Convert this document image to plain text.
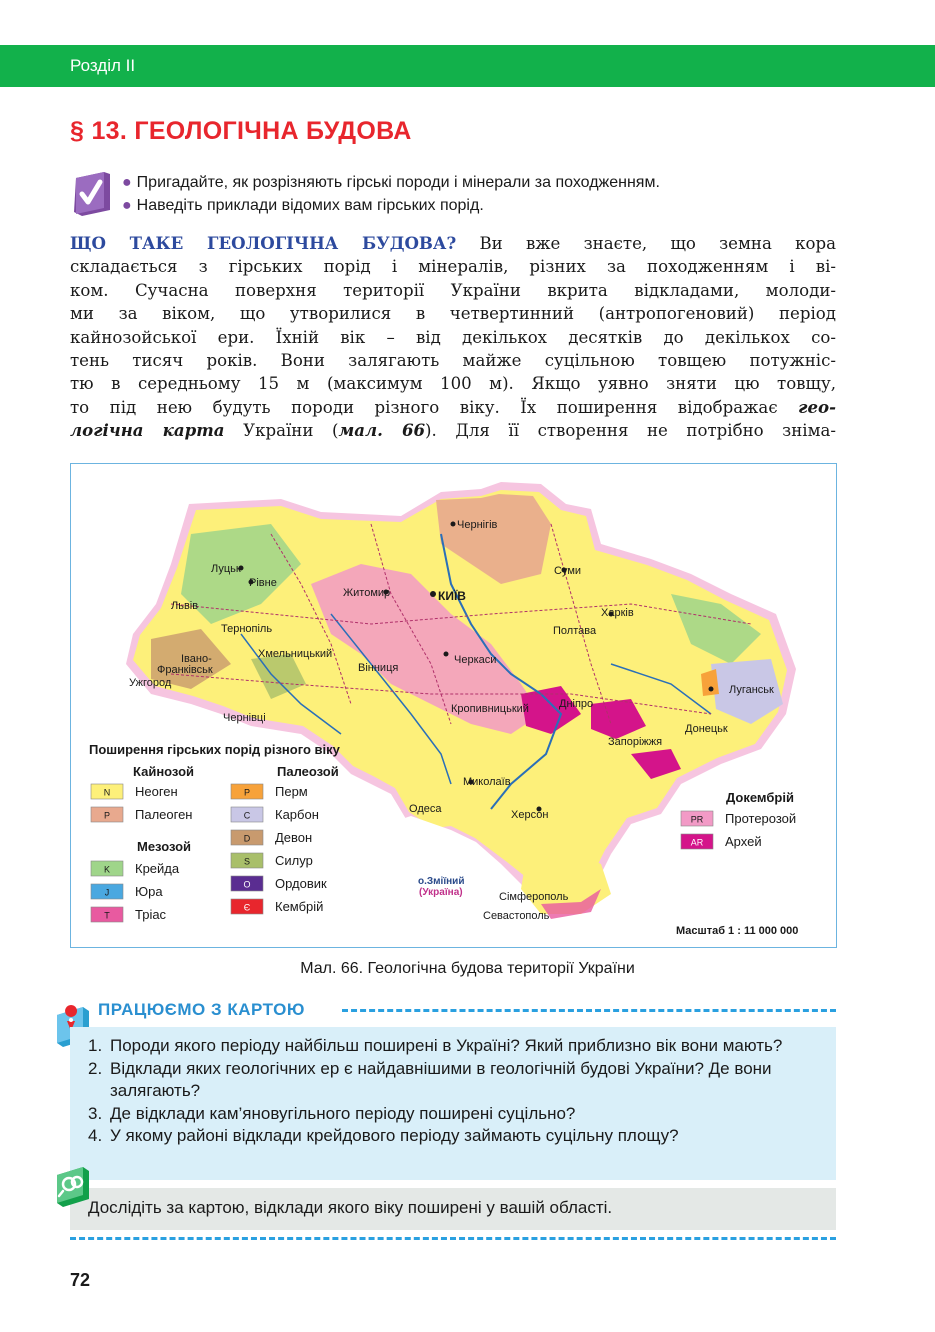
Розділ II
§ 13. ГЕОЛОГІЧНА БУДОВА
● Пригадайте, як розрізняють гірські породи і мінерали за походженням.
● Наведіть приклади відомих вам гірських порід.
ЩО ТАКЕ ГЕОЛОГІЧНА БУДОВА? Ви вже знаєте, що земна кора
складається з гірських порід і мінералів, різних за походженням і ві-
ком. Сучасна поверхня території України вкрита відкладами, молоди-
ми за віком, що утворилися в четвертинний (антропогеновий) період
кайнозойської ери. Їхній вік – від декількох десятків до декількох со-
тень тисяч років. Вони залягають майже суцільною товщею потужніс-
тю в середньому 15 м (максимум 100 м). Якщо уявно зняти цю товщу,
то під нею будуть породи різного віку. Їх поширення відображає гео-
логічна карта України (мал. 66). Для її створення не потрібно зніма-
КИЇВ
Чернігів
Суми
Луцьк
Рівне
Житомир
Львів
Тернопіль
Хмельницький
Івано-
Франківськ
Ужгород
Чернівці
Вінниця
Черкаси
Полтава
Харків
Луганськ
Донецьк
Дніпро
Запоріжжя
Кропивницький
Миколаїв
Одеса	Херсон
Сімферополь
Севастополь
о.Зміїний
(Україна)
Поширення гірських порід різного віку
Кайнозой	Палеозой
Мезозой
Докембрій
N Неоген
P Палеоген
K Крейда
J Юра
T Тріас
P Перм
C Карбон
D Девон
S Силур
O Ордовик
Є Кембрій
PR Протерозой
AR Архей
Масштаб 1 : 11 000 000
Мал. 66. Геологічна будова території України
ПРАЦЮЄМО З КАРТОЮ
1. Породи якого періоду найбільш поширені в Україні? Який приблизно вік вони мають?
2. Відклади яких геологічних ер є найдавнішими в геологічній будові України? Де вони залягають?
3. Де відклади кам’яновугільного періоду поширені суцільно?
4. У якому районі відклади крейдового періоду займають суцільну площу?
Дослідіть за картою, відклади якого віку поширені у вашій області.
72
